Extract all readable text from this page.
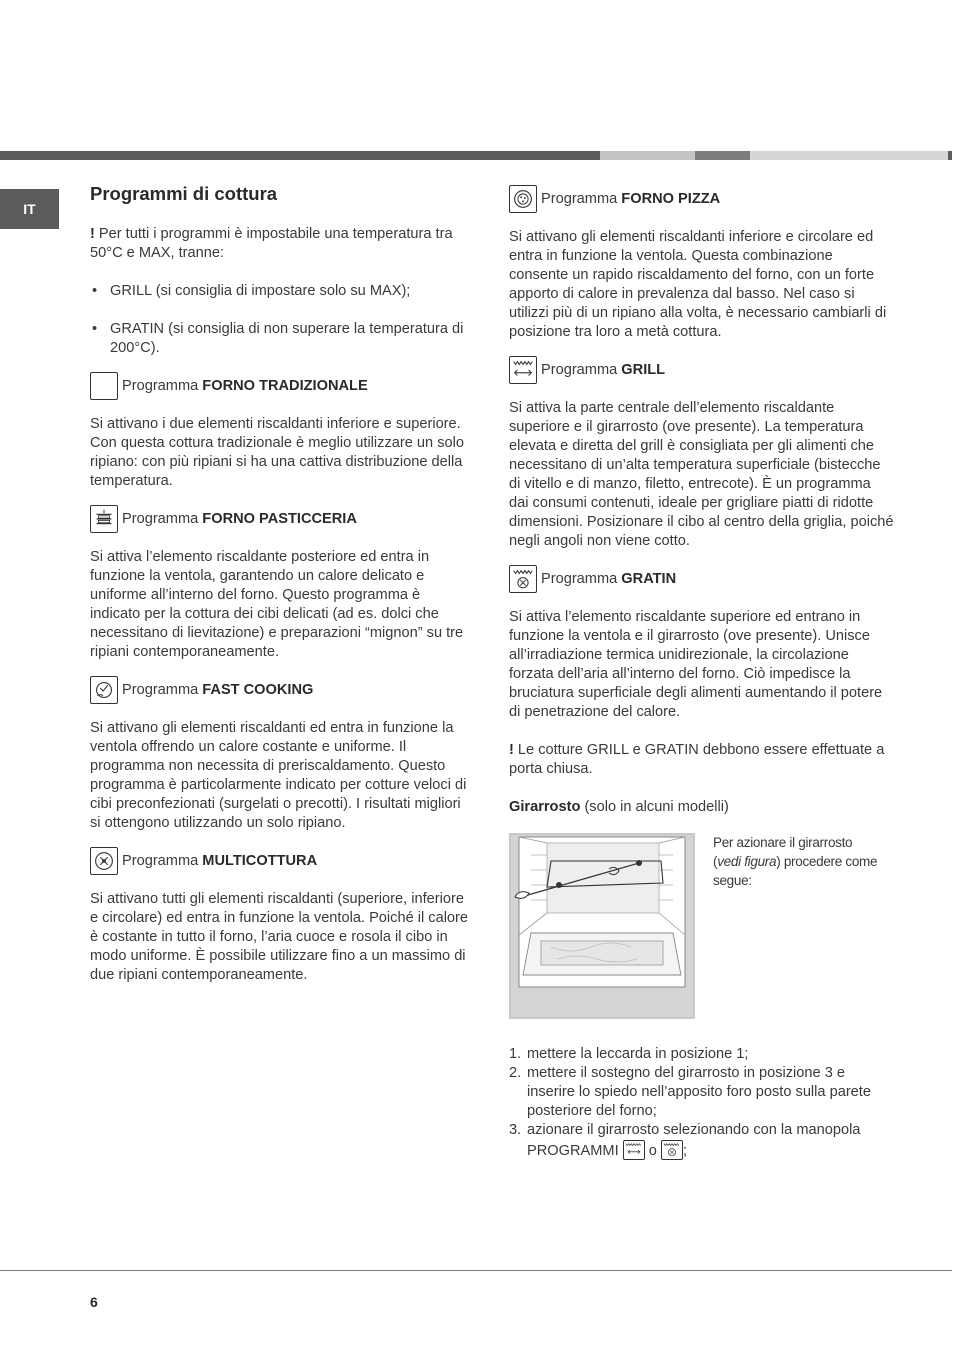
IT
Programmi di cottura

! Per tutti i programmi è impostabile una temperatura tra 50°C e MAX, tranne:

• GRILL (si consiglia di impostare solo su MAX);
• GRATIN (si consiglia di non superare la temperatura di 200°C).
Programma
FORNO TRADIZIONALE

Si attivano i due elementi riscaldanti inferiore e superiore. Con questa cottura tradizionale è meglio utilizzare un solo ripiano: con più ripiani si ha una cattiva distribuzione della temperatura.

Programma
FORNO PASTICCERIA

Si attiva l’elemento riscaldante posteriore ed entra in funzione la ventola, garantendo un calore delicato e uniforme all’interno del forno. Questo programma è indicato per la cottura dei cibi delicati (ad es. dolci che necessitano di lievitazione) e preparazioni “mignon” su tre ripiani contemporaneamente.

Programma
FAST COOKING

Si attivano gli elementi riscaldanti ed entra in funzione la ventola offrendo un calore costante e uniforme. Il programma non necessita di preriscaldamento. Questo programma è particolarmente indicato per cotture veloci di cibi preconfezionati (surgelati o precotti). I risultati migliori si ottengono utilizzando un solo ripiano.

Programma
MULTICOTTURA

Si attivano tutti gli elementi riscaldanti (superiore, inferiore e circolare) ed entra in funzione la ventola. Poiché il calore è costante in tutto il forno, l’aria cuoce e rosola il cibo in modo uniforme. È possibile utilizzare fino a un massimo di due ripiani contemporaneamente.

Programma
FORNO PIZZA

Si attivano gli elementi riscaldanti inferiore e circolare ed entra in funzione la ventola. Questa combinazione consente un rapido riscaldamento del forno, con un forte apporto di calore in prevalenza dal basso. Nel caso si utilizzi più di un ripiano alla volta, è necessario cambiarli di posizione tra loro a metà cottura.

Programma
GRILL

Si attiva la parte centrale dell’elemento riscaldante superiore e il girarrosto (ove presente). La temperatura elevata e diretta del grill è consigliata per gli alimenti che necessitano di un’alta temperatura superficiale (bistecche di vitello e di manzo, filetto, entrecote). È un programma dai consumi contenuti, ideale per grigliare piatti di ridotte dimensioni. Posizionare il cibo al centro della griglia, poiché negli angoli non viene cotto.

Programma
GRATIN

Si attiva l’elemento riscaldante superiore ed entrano in funzione la ventola e il girarrosto (ove presente). Unisce all’irradiazione termica unidirezionale, la circolazione forzata dell’aria all’interno del forno. Ciò impedisce la bruciatura superficiale degli alimenti aumentando il potere di penetrazione del calore.

! Le cotture GRILL e GRATIN debbono essere effettuate a porta chiusa.

Girarrosto (solo in alcuni modelli)

Per azionare il girarrosto (vedi figura) procedere come segue:
1. mettere la leccarda in posizione 1;
2. mettere il sostegno del girarrosto in posizione 3 e inserire lo spiedo nell’apposito foro posto sulla parete posteriore del forno;
3. azionare il girarrosto selezionando con la manopola PROGRAMMI o ;
6
